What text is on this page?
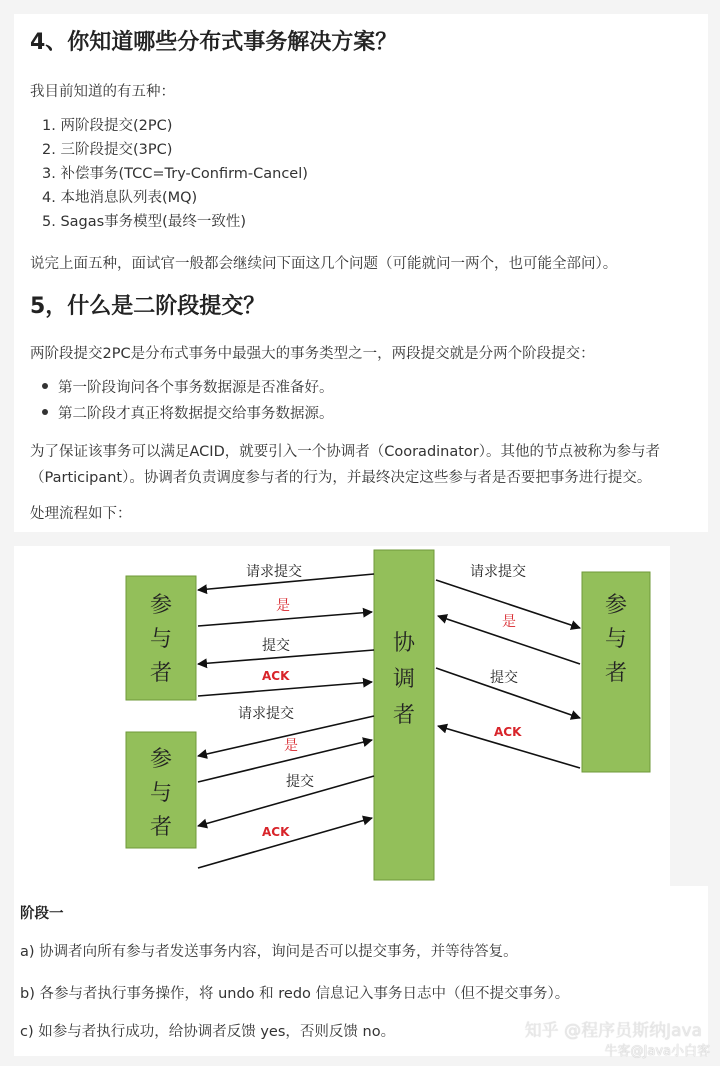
4、你知道哪些分布式事务解决方案？
我目前知道的有五种：
1. 两阶段提交(2PC)
2. 三阶段提交(3PC)
3. 补偿事务(TCC=Try-Confirm-Cancel)
4. 本地消息队列表(MQ)
5. Sagas事务模型(最终一致性)
说完上面五种，面试官一般都会继续问下面这几个问题（可能就问一两个，也可能全部问）。
5，什么是二阶段提交？
两阶段提交2PC是分布式事务中最强大的事务类型之一，两段提交就是分两个阶段提交：
第一阶段询问各个事务数据源是否准备好。
第二阶段才真正将数据提交给事务数据源。
为了保证该事务可以满足ACID，就要引入一个协调者（Cooradinator）。其他的节点被称为参与者
（Participant）。协调者负责调度参与者的行为，并最终决定这些参与者是否要把事务进行提交。
处理流程如下：
参
与
者
参
与
者
协
调
者
参
与
者
请求提交
是
提交
ACK
请求提交
是
提交
ACK
请求提交
是
提交
ACK
阶段一
a) 协调者向所有参与者发送事务内容，询问是否可以提交事务，并等待答复。
b) 各参与者执行事务操作，将 undo 和 redo 信息记入事务日志中（但不提交事务）。
c) 如参与者执行成功，给协调者反馈 yes，否则反馈 no。	知乎 @程序员斯纳Java
牛客@Java小白客
